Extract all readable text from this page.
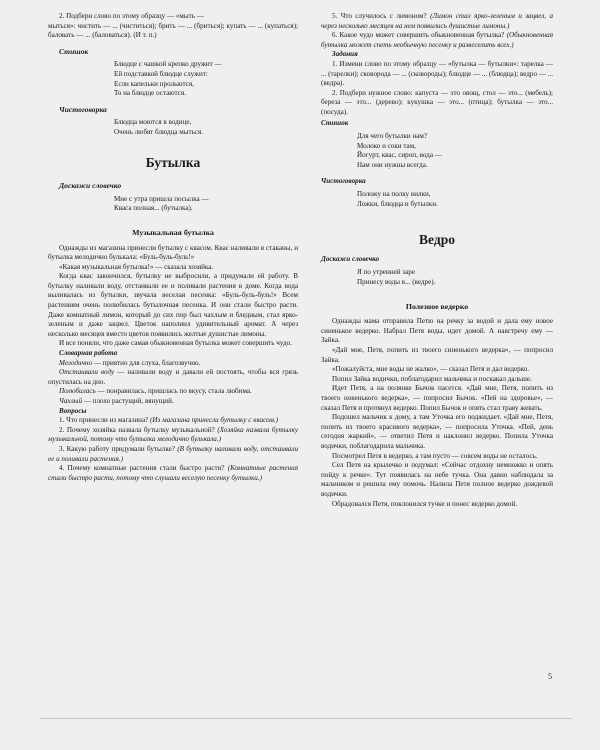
2. Подбери слово по этому образцу — «мыть —

мыться»: чистить — ... (чиститься); брить — ... (бриться); купать — ... (купаться); баловать — ... (баловаться). (И т. п.)

Стишок

Блюдце с чашкой крепко дружит —

Ей подставкой блюдце служит:

Если капельки прольются,

То на блюдце остаются.

Чистоговорка

Блюдца моются в водице,

Очень любят блюдца мыться.

Бутылка
Доскажи словечко

Мне с утра пришла посылка —

Кваса полная... (бутылка).

Музыкальная бутылка

Однажды из магазина принесли бутылку с квасом. Квас наливали в стаканы, и бутылка мелодично булькала: «Буль-буль-буль!»

«Какая музыкальная бутылка!» — сказала хозяйка.

Когда квас закончился, бутылку не выбросили, а придумали ей работу. В бутылку наливали воду, отстаивали ее и поливали растения в доме. Когда вода выливалась из бутылки, звучала веселая песенка: «Буль-буль-буль!» Всем растениям очень полюбилась бутылочная песенка. И они стали быстро расти. Даже комнатный лимон, который до сих пор был чахлым и бледным, стал ярко-зеленым и даже зацвел. Цветок наполнил удивительный аромат. А через несколько месяцев вместо цветов появились желтые душистые лимоны.

И все поняли, что даже самая обыкновенная бутылка может совершить чудо.

Словарная работа

Мелодично — приятно для слуха, благозвучно.

Отстаивали воду — наливали воду и давали ей постоять, чтобы вся грязь опустилась на дно.

Полюбилась — понравилась, пришлась по вкусу, стала любима.

Чахлый — плохо растущий, вянущий.

Вопросы

1. Что принесли из магазина? (Из магазина принесли бутылку с квасом.)

2. Почему хозяйка назвала бутылку музыкальной? (Хозяйка назвала бутылку музыкальной, потому что бутылка мелодично булькала.)

3. Какую работу придумали бутылке? (В бутылку наливали воду, отстаивали ее и поливали растения.)

4. Почему комнатные растения стали быстро расти? (Комнатные растения стали быстро расти, потому что слушали веселую песенку бутылки.)

5. Что случилось с лимоном? (Лимон стал ярко-зеленым и зацвел, а через несколько месяцев на нем появились душистые лимоны.)

6. Какое чудо может совершить обыкновенная бутылка? (Обыкновенная бутылка может спеть необычную песенку и развеселить всех.)

Задания

1. Измени слово по этому образцу — «бутылка — бутылки»: тарелка — ... (тарелки); сковорода — ... (сковороды); блюдце — ... (блюдца); ведро — ... (ведра).

2. Подбери нужное слово: капуста — это овощ, стол — это... (мебель); береза — это... (дерево); кукушка — это... (птица); бутылка — это... (посуда).

Стишок

Для чего бутылки нам?

Молоко и соки там,

Йогурт, квас, сироп, вода —

Нам они нужны всегда.

Чистоговорка

Положу на полку вилки,

Ложки, блюдца и бутылки.

Ведро
Доскажи словечко

Я по утренней заре

Принесу воды в... (ведре).

Полезное ведерко

Однажды мама отправила Петю на речку за водой и дала ему новое синенькое ведерко. Набрал Петя воды, идет домой. А навстречу ему — Зайка.

«Дай мне, Петя, попить из твоего синенького ведерка», — попросил Зайка.

«Пожалуйста, мне воды не жалко», — сказал Петя и дал ведерко.

Попил Зайка водички, поблагодарил мальчика и поскакал дальше.

Идет Петя, а на полянке Бычок пасется. «Дай мне, Петя, попить из твоего новенького ведерка», — попросил Бычок. «Пей на здоровье», — сказал Петя и протянул ведерко. Попил Бычок и опять стал траву жевать.

Подошел мальчик к дому, а там Уточка его поджидает. «Дай мне, Петя, попить из твоего красивого ведерка», — попросила Уточка. «Пей, день сегодня жаркий», — ответил Петя и наклонил ведерко. Попила Уточка водички, поблагодарила мальчика.

Посмотрел Петя в ведерко, а там пусто — совсем воды не осталось.

Сел Петя на крылечко и подумал: «Сейчас отдохну немножко и опять пойду к речке». Тут появилась на небе тучка. Она давно наблюдала за мальчиком и решила ему помочь. Налила Петя полное ведерко дождевой водички.

Обрадовался Петя, поклонился тучке и понес ведерко домой.

5
